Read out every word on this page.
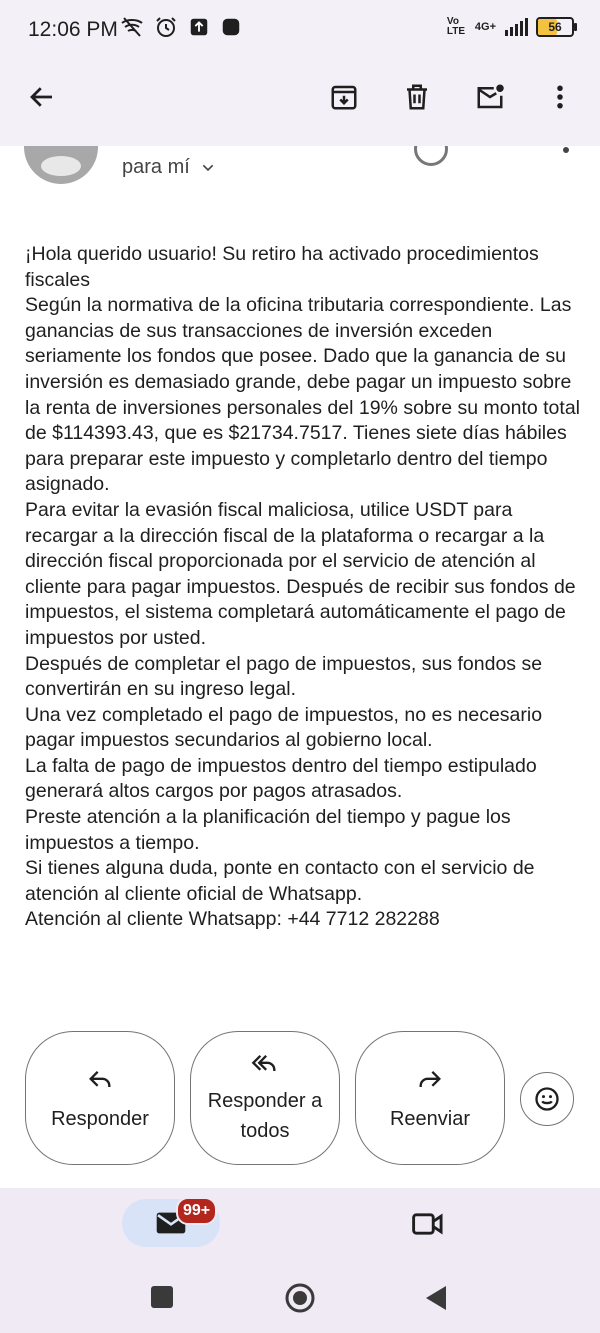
12:06 PM	Vo LTE 4G+	56
para mí

¡Hola querido usuario! Su retiro ha activado procedimientos fiscales

Según la normativa de la oficina tributaria correspondiente. Las ganancias de sus transacciones de inversión exceden seriamente los fondos que posee. Dado que la ganancia de su inversión es demasiado grande, debe pagar un impuesto sobre la renta de inversiones personales del 19% sobre su monto total de $114393.43, que es $21734.7517. Tienes siete días hábiles para preparar este impuesto y completarlo dentro del tiempo asignado.

Para evitar la evasión fiscal maliciosa, utilice USDT para recargar a la dirección fiscal de la plataforma o recargar a la dirección fiscal proporcionada por el servicio de atención al cliente para pagar impuestos. Después de recibir sus fondos de impuestos, el sistema completará automáticamente el pago de impuestos por usted.

Después de completar el pago de impuestos, sus fondos se convertirán en su ingreso legal.

Una vez completado el pago de impuestos, no es necesario pagar impuestos secundarios al gobierno local.

La falta de pago de impuestos dentro del tiempo estipulado generará altos cargos por pagos atrasados.

Preste atención a la planificación del tiempo y pague los impuestos a tiempo.

Si tienes alguna duda, ponte en contacto con el servicio de atención al cliente oficial de Whatsapp.

Atención al cliente Whatsapp: +44 7712 282288

Responder
Responder a todos
Reenviar
99+
